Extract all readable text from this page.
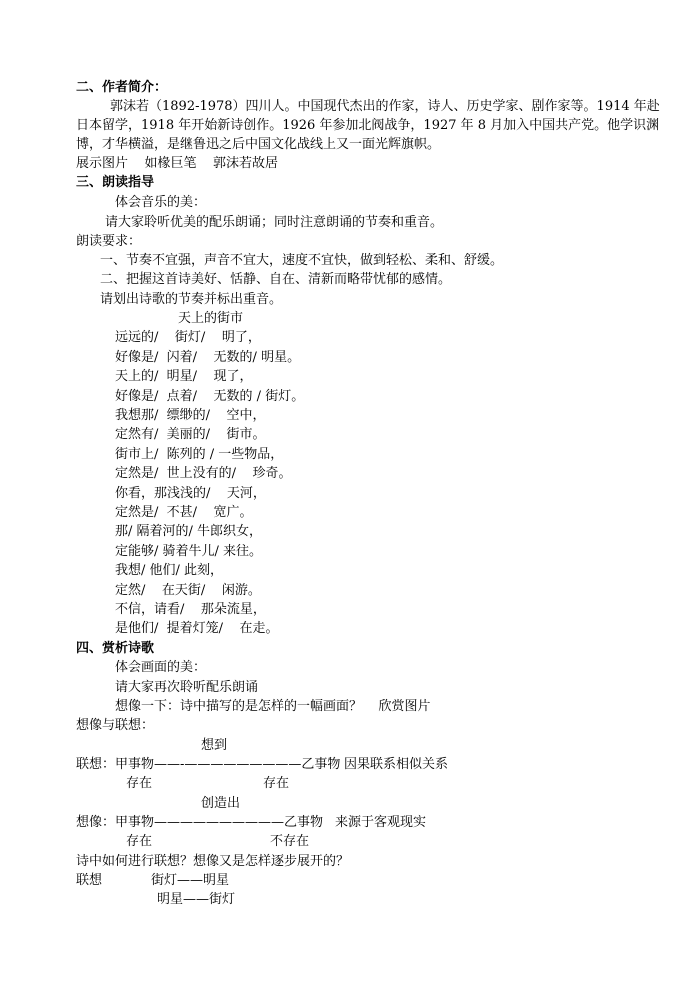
二、作者简介：
郭沫若（1892-1978）四川人。中国现代杰出的作家，诗人、历史学家、剧作家等。1914 年赴
日本留学，1918 年开始新诗创作。1926 年参加北阀战争，1927 年 8 月加入中国共产党。他学识渊
博，才华横溢，是继鲁迅之后中国文化战线上又一面光辉旗帜。
展示图片    如椽巨笔    郭沫若故居
三、朗读指导
体会音乐的美：
请大家聆听优美的配乐朗诵；同时注意朗诵的节奏和重音。
朗读要求：
一、节奏不宜强，声音不宜大，速度不宜快，做到轻松、柔和、舒缓。
二、把握这首诗美好、恬静、自在、清新而略带忧郁的感情。
请划出诗歌的节奏并标出重音。
天上的街市
远远的/    街灯/    明了，
好像是/  闪着/    无数的/ 明星。
天上的/  明星/    现了，
好像是/  点着/    无数的 / 街灯。
我想那/  缥缈的/    空中，
定然有/  美丽的/    街市。
街市上/  陈列的 / 一些物品，
定然是/  世上没有的/    珍奇。
你看，那浅浅的/    天河，
定然是/  不甚/    宽广。
那/ 隔着河的/ 牛郎织女，
定能够/ 骑着牛儿/ 来往。
我想/ 他们/ 此刻，
定然/    在天街/    闲游。
不信，请看/    那朵流星，
是他们/  提着灯笼/    在走。
四、赏析诗歌
体会画面的美：
请大家再次聆听配乐朗诵
想像一下：诗中描写的是怎样的一幅画面？    欣赏图片
想像与联想：
想到
联想：甲事物——-—————————乙事物 因果联系相似关系
存在	存在
创造出
想像：甲事物——————————乙事物 来源于客观现实
存在	不存在
诗中如何进行联想？想像又是怎样逐步展开的？
联想	街灯——明星
明星——街灯
